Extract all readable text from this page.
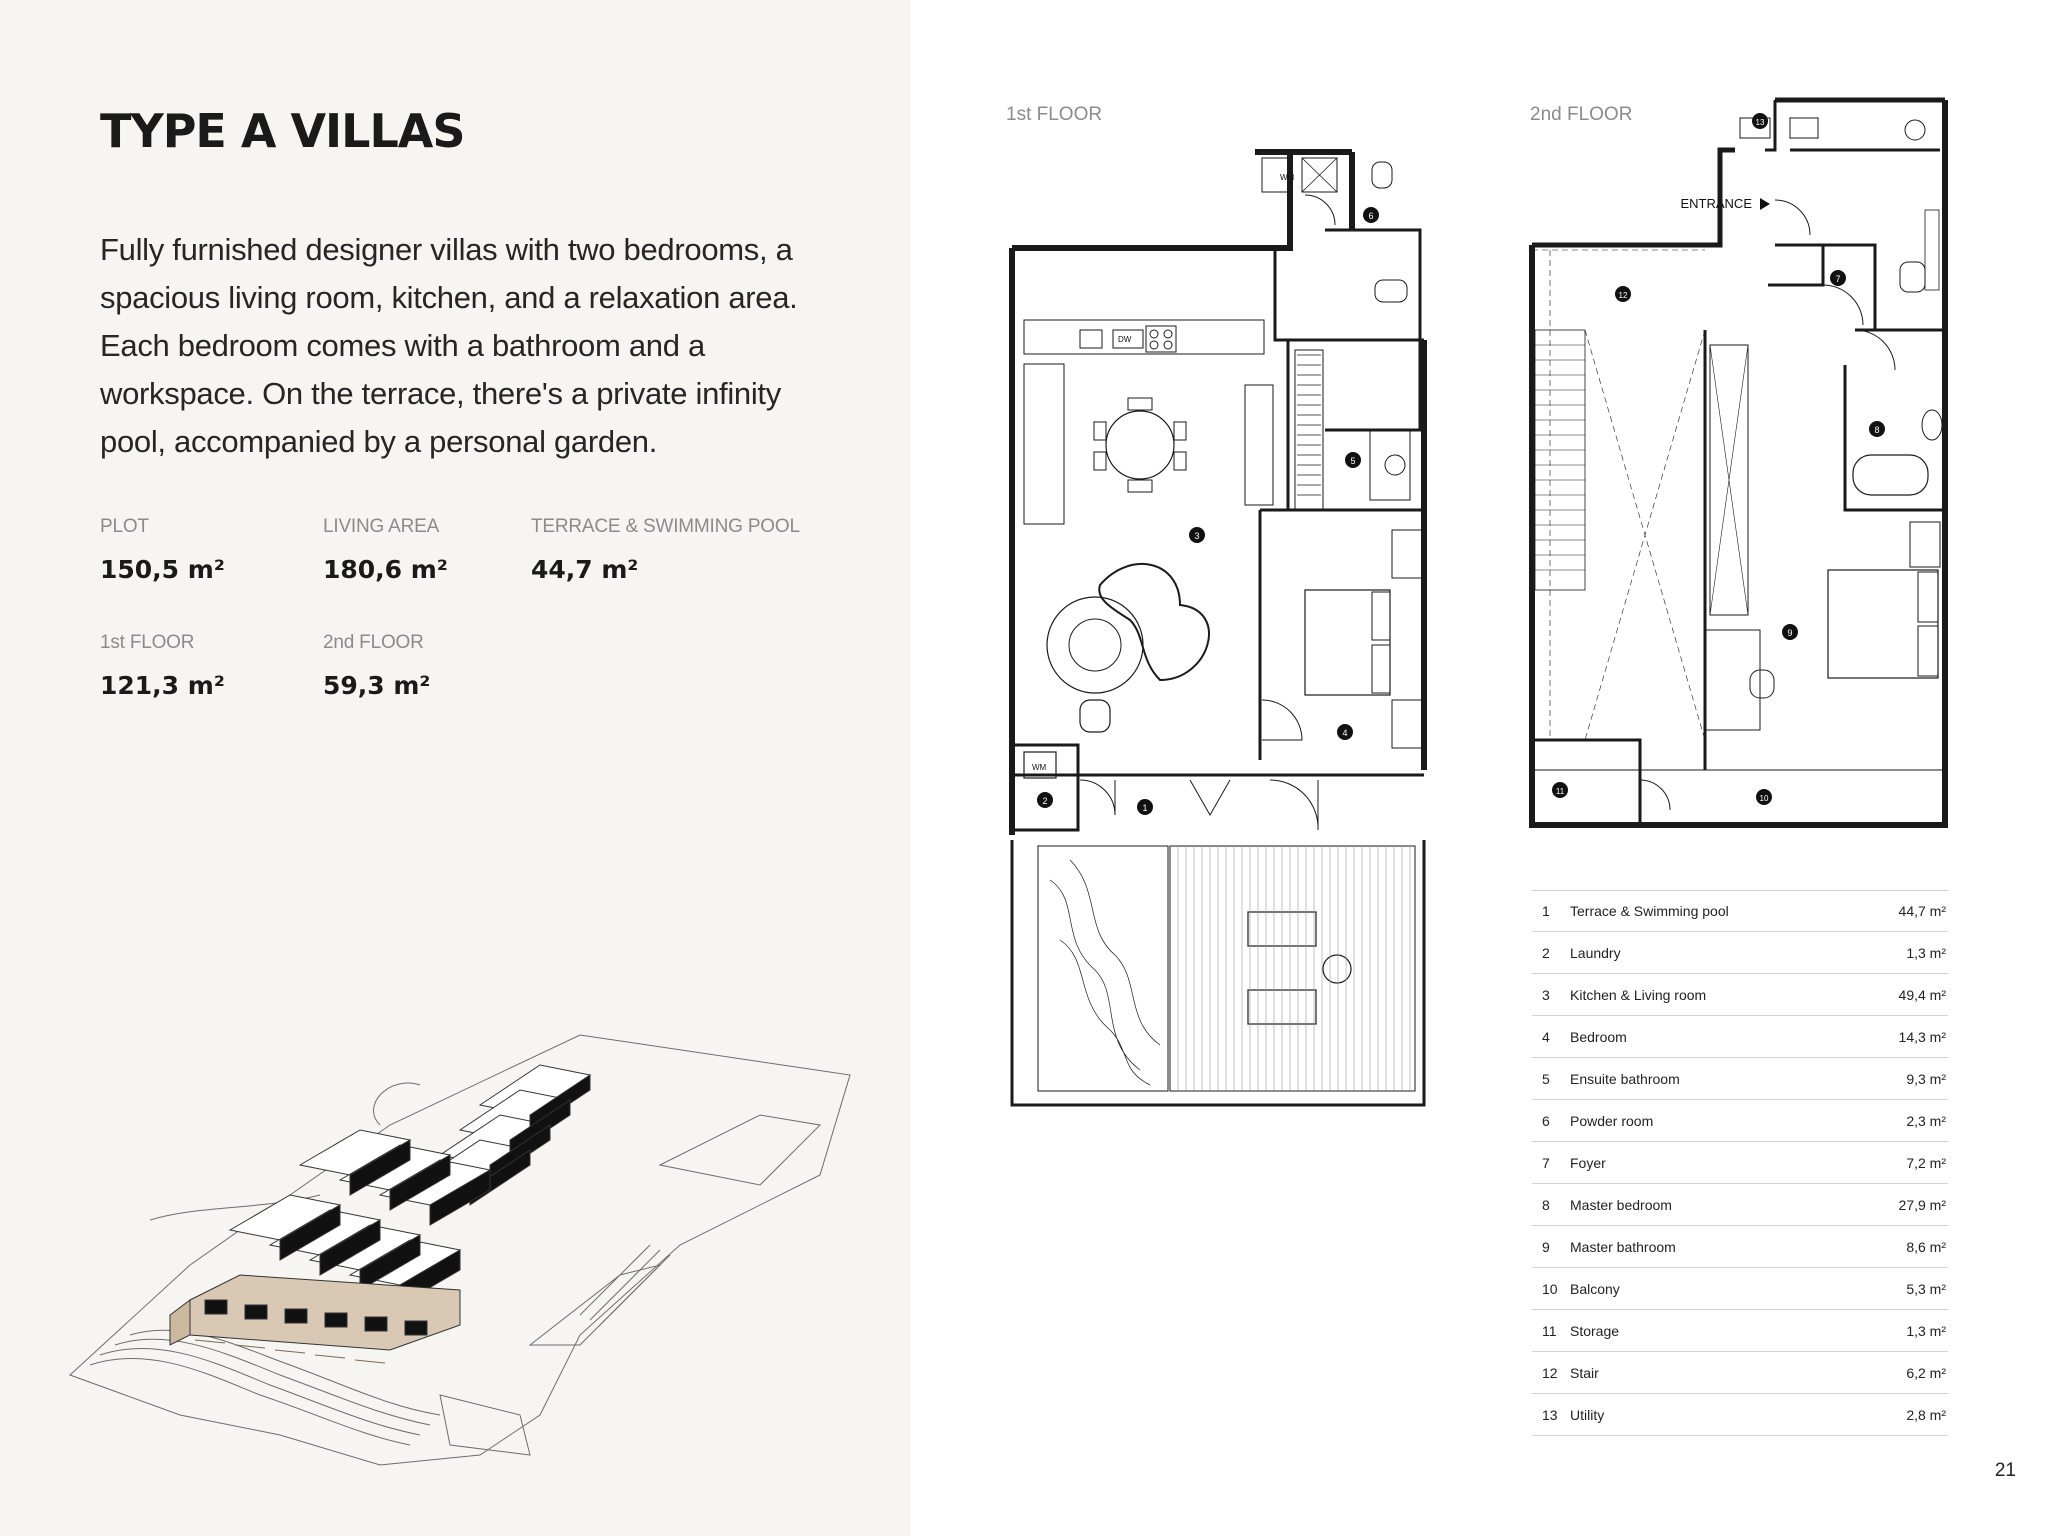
TYPE A VILLAS

Fully furnished designer villas with two bedrooms, a spacious living room, kitchen, and a relaxation area. Each bedroom comes with a bathroom and a workspace. On the terrace, there's a private infinity pool, accompanied by a personal garden.

PLOT
150,5 m²
LIVING AREA
180,6 m²
TERRACE & SWIMMING POOL
44,7 m²
1st FLOOR
121,3 m²
2nd FLOOR
59,3 m²
1st FLOOR	2nd FLOOR
1
2
3
4
5
6
WM
WM
DW
ENTRANCE
7
8
9
10
11
12
13
1	Terrace & Swimming pool	44,7 m²
2	Laundry	1,3 m²
3	Kitchen & Living room	49,4 m²
4	Bedroom	14,3 m²
5	Ensuite bathroom	9,3 m²
6	Powder room	2,3 m²
7	Foyer	7,2 m²
8	Master bedroom	27,9 m²
9	Master bathroom	8,6 m²
10 Balcony	5,3 m²
11 Storage	1,3 m²
12 Stair	6,2 m²
13 Utility	2,8 m²
21
